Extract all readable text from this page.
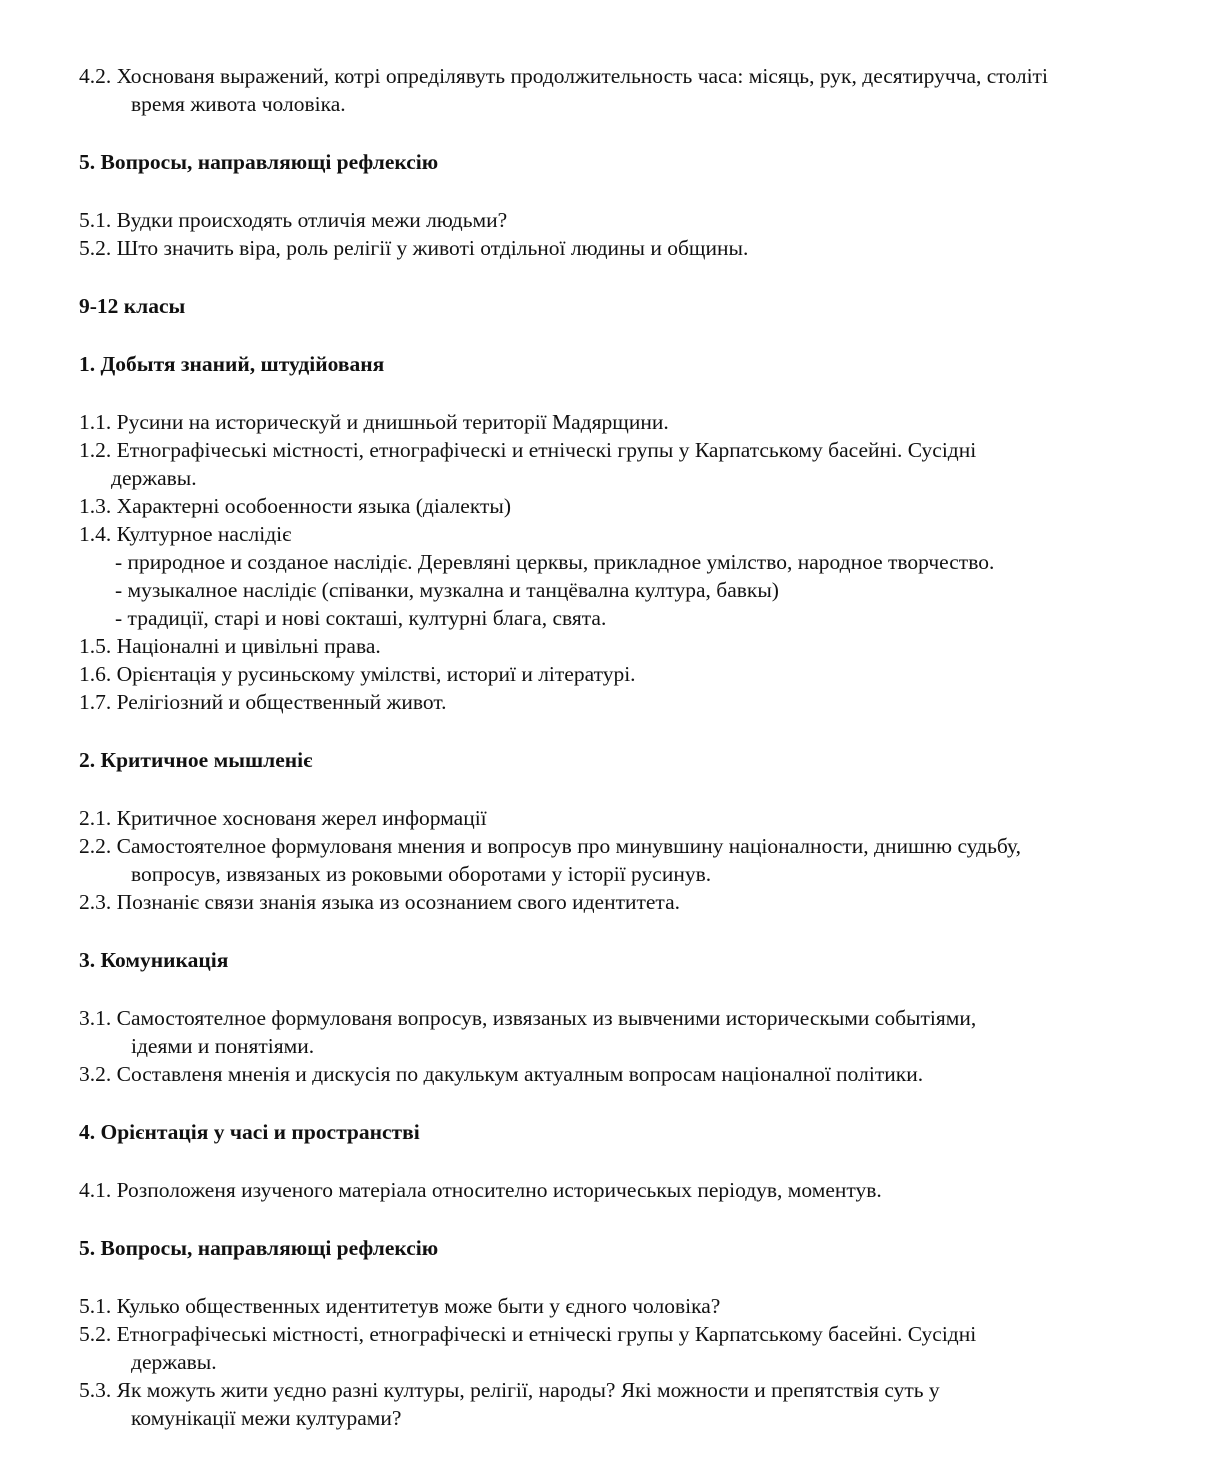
4.2. Хоснованя выражений, котрі опреділявуть продолжительность часа: місяць, рук, десятиручча, століті
время живота чоловіка.

5. Вопросы, направляющі рефлексію

5.1. Вудки происходять отличія межи людьми?

5.2. Што значить віра, роль релігії у животі отдільної людины и общины.

9-12 класы

1. Добытя знаний, штудійованя

1.1. Русини на историческуй и днишньой території Мадярщини.

1.2. Етнографічеськi містності, етнографіческі и етніческі групы у Карпатському басейні. Сусідні
державы.

1.3. Характерні особоенности языка (діалекты)

1.4. Културное наслідіє

- природное и созданое наслідіє. Деревляні церквы, прикладное умілство, народное творчество.

- музыкалное наслідіє (співанки, музкална и танцёвална култура, бавкы)

- традиції, старі и нові сокташі, културні блага, свята.

1.5. Націоналні и цивільні права.

1.6. Орієнтація у русиньскому умілстві, историї и літературі.

1.7. Релігіозний и общественный живот.

2. Критичное мышленіє

2.1. Критичное хоснованя жерел информації

2.2. Самостоятелное формулованя мнения и вопросув про минувшину націоналности, днишню судьбу,
вопросув, извязаных из роковыми оборотами у історії русинув.

2.3. Познаніє связи знанія языка из осознанием свого идентитета.

3. Комуникація

3.1. Самостоятелное формулованя вопросув, извязаных из вывченими историческыми событіями,
ідеями и понятіями.

3.2. Составленя мненія и дискусія по дакулькум актуалным вопросам націоналної політики.

4. Орієнтація у часі и пространстві

4.1. Розположеня изученого матеріала относително историчеськых періодув, моментув.

5. Вопросы, направляющі рефлексію

5.1. Кулько общественных идентитетув може быти у єдного чоловіка?

5.2. Етнографічеськi містності, етнографіческі и етніческі групы у Карпатському басейні. Сусідні
державы.

5.3. Як можуть жити уєдно разні културы, релігії, народы? Які можности и препятствія суть у
комунікації межи културами?
